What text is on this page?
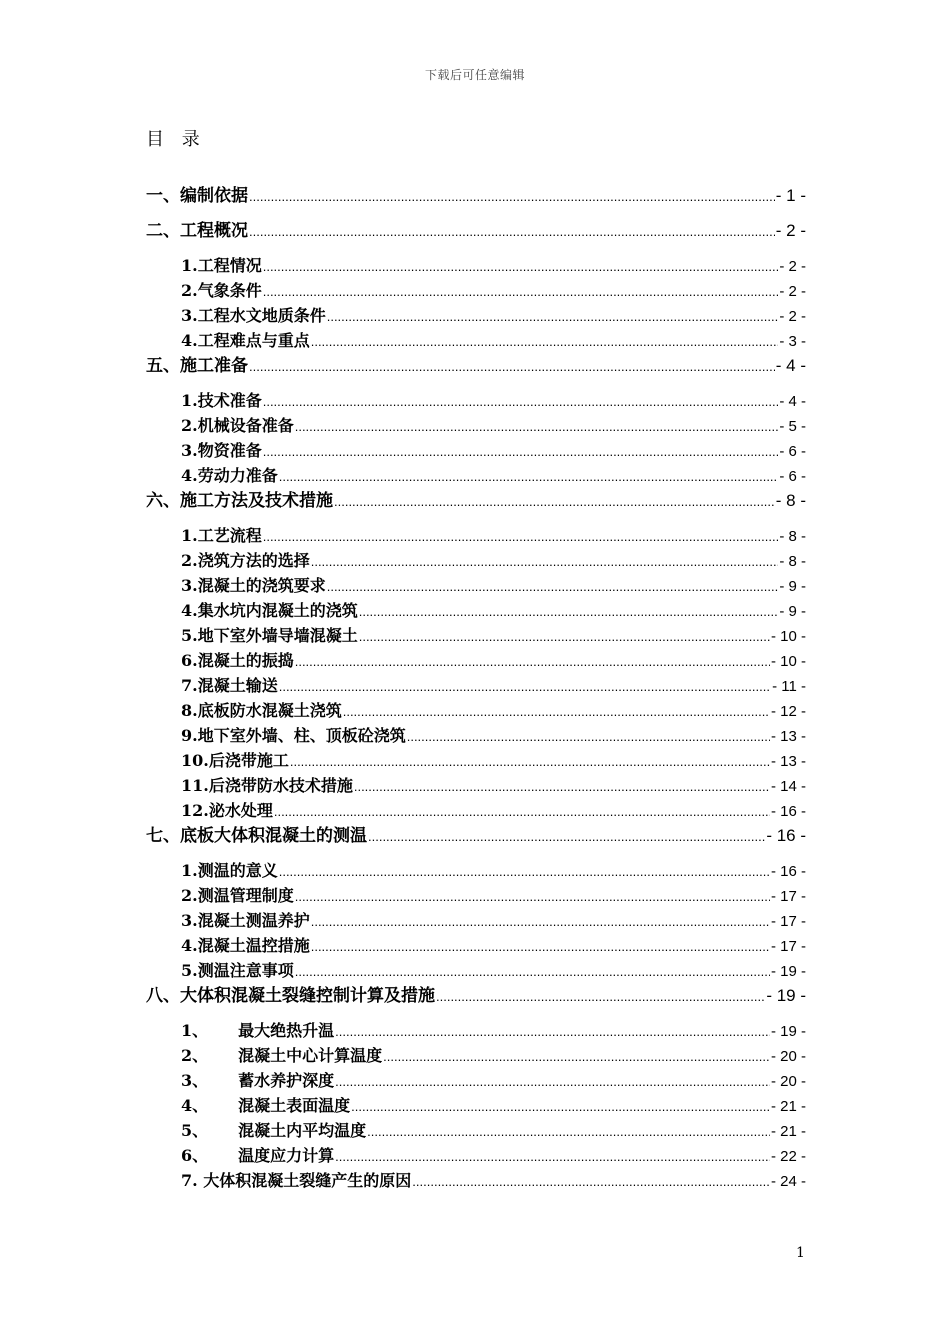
下载后可任意编辑
目 录
一、编制依据 .....	- 1 -
二、工程概况 .....	- 2 -
1.工程情况 .....	- 2 -
2.气象条件 .....	- 2 -
3.工程水文地质条件 .....	- 2 -
4.工程难点与重点 .....	- 3 -
五、施工准备 .....	- 4 -
1.技术准备 .....	- 4 -
2.机械设备准备 .....	- 5 -
3.物资准备 .....	- 6 -
4.劳动力准备 .....	- 6 -
六、施工方法及技术措施 .....	- 8 -
1.工艺流程 .....	- 8 -
2.浇筑方法的选择 .....	- 8 -
3.混凝土的浇筑要求 .....	- 9 -
4.集水坑内混凝土的浇筑 .....	- 9 -
5.地下室外墙导墙混凝土 .....	- 10 -
6.混凝土的振捣 .....	- 10 -
7.混凝土输送 .....	- 11 -
8.底板防水混凝土浇筑 .....	- 12 -
9.地下室外墙、柱、顶板砼浇筑 .....	- 13 -
10.后浇带施工 .....	- 13 -
11.后浇带防水技术措施 .....	- 14 -
12.泌水处理 .....	- 16 -
七、底板大体积混凝土的测温 .....	- 16 -
1.测温的意义 .....	- 16 -
2.测温管理制度 .....	- 17 -
3.混凝土测温养护 .....	- 17 -
4.混凝土温控措施 .....	- 17 -
5.测温注意事项 .....	- 19 -
八、大体积混凝土裂缝控制计算及措施 .....	- 19 -
1、 最大绝热升温 .....	- 19 -
2、 混凝土中心计算温度 .....	- 20 -
3、 蓄水养护深度 .....	- 20 -
4、 混凝土表面温度 .....	- 21 -
5、 混凝土内平均温度 .....	- 21 -
6、 温度应力计算 .....	- 22 -
7. 大体积混凝土裂缝产生的原因 .....	- 24 -
1
